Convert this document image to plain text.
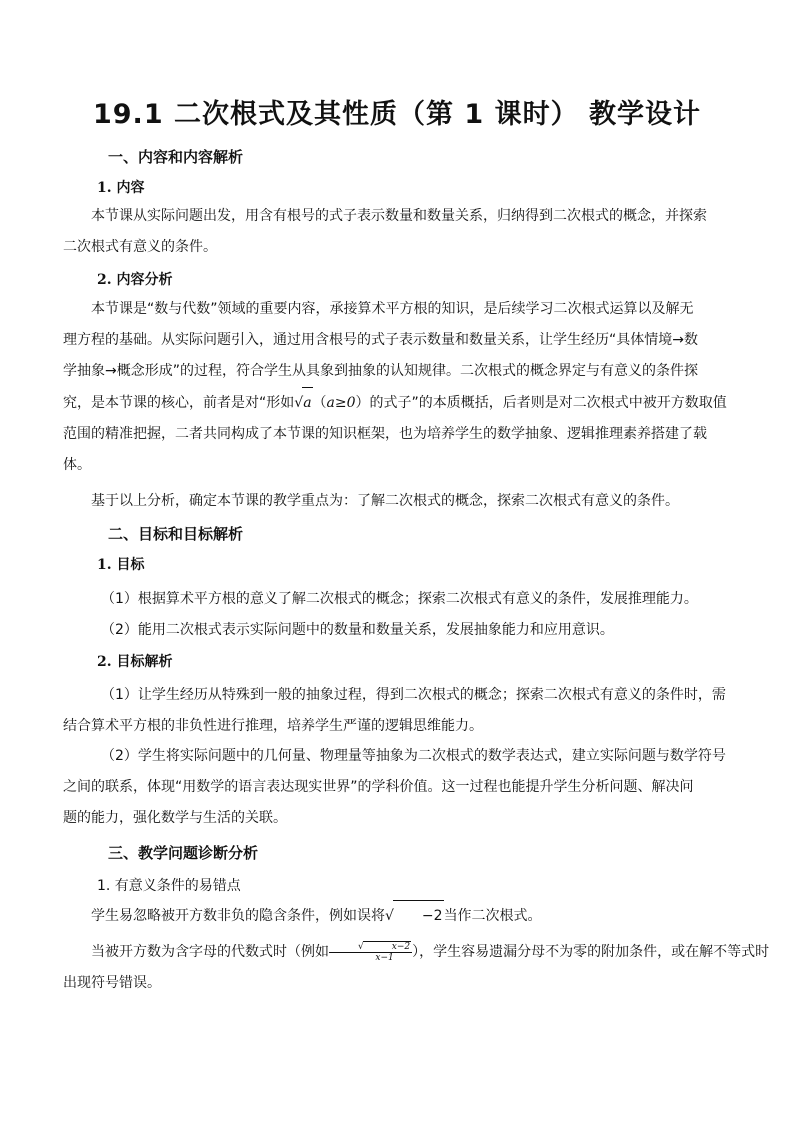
19.1 二次根式及其性质（第 1 课时） 教学设计
一、内容和内容解析
1. 内容

本节课从实际问题出发，用含有根号的式子表示数量和数量关系，归纳得到二次根式的概念，并探索
二次根式有意义的条件。

2. 内容分析

本节课是“数与代数”领域的重要内容，承接算术平方根的知识，是后续学习二次根式运算以及解无
理方程的基础。从实际问题引入，通过用含根号的式子表示数量和数量关系，让学生经历“具体情境→数
学抽象→概念形成”的过程，符合学生从具象到抽象的认知规律。二次根式的概念界定与有意义的条件探
究，是本节课的核心，前者是对“形如√a（a≥0）的式子”的本质概括，后者则是对二次根式中被开方数取值
范围的精准把握，二者共同构成了本节课的知识框架，也为培养学生的数学抽象、逻辑推理素养搭建了载
体。

基于以上分析，确定本节课的教学重点为：了解二次根式的概念，探索二次根式有意义的条件。

二、目标和目标解析
1. 目标

（1）根据算术平方根的意义了解二次根式的概念；探索二次根式有意义的条件，发展推理能力。

（2）能用二次根式表示实际问题中的数量和数量关系，发展抽象能力和应用意识。

2. 目标解析

（1）让学生经历从特殊到一般的抽象过程，得到二次根式的概念；探索二次根式有意义的条件时，需
结合算术平方根的非负性进行推理，培养学生严谨的逻辑思维能力。

（2）学生将实际问题中的几何量、物理量等抽象为二次根式的数学表达式，建立实际问题与数学符号
之间的联系，体现“用数学的语言表达现实世界”的学科价值。这一过程也能提升学生分析问题、解决问
题的能力，强化数学与生活的关联。

三、教学问题诊断分析

1. 有意义条件的易错点

学生易忽略被开方数非负的隐含条件，例如误将√ −2当作二次根式。

当被开方数为含字母的代数式时（例如 √	x−2
x−1 ），学生容易遗漏分母不为零的附加条件，或在解不等式时
出现符号错误。
